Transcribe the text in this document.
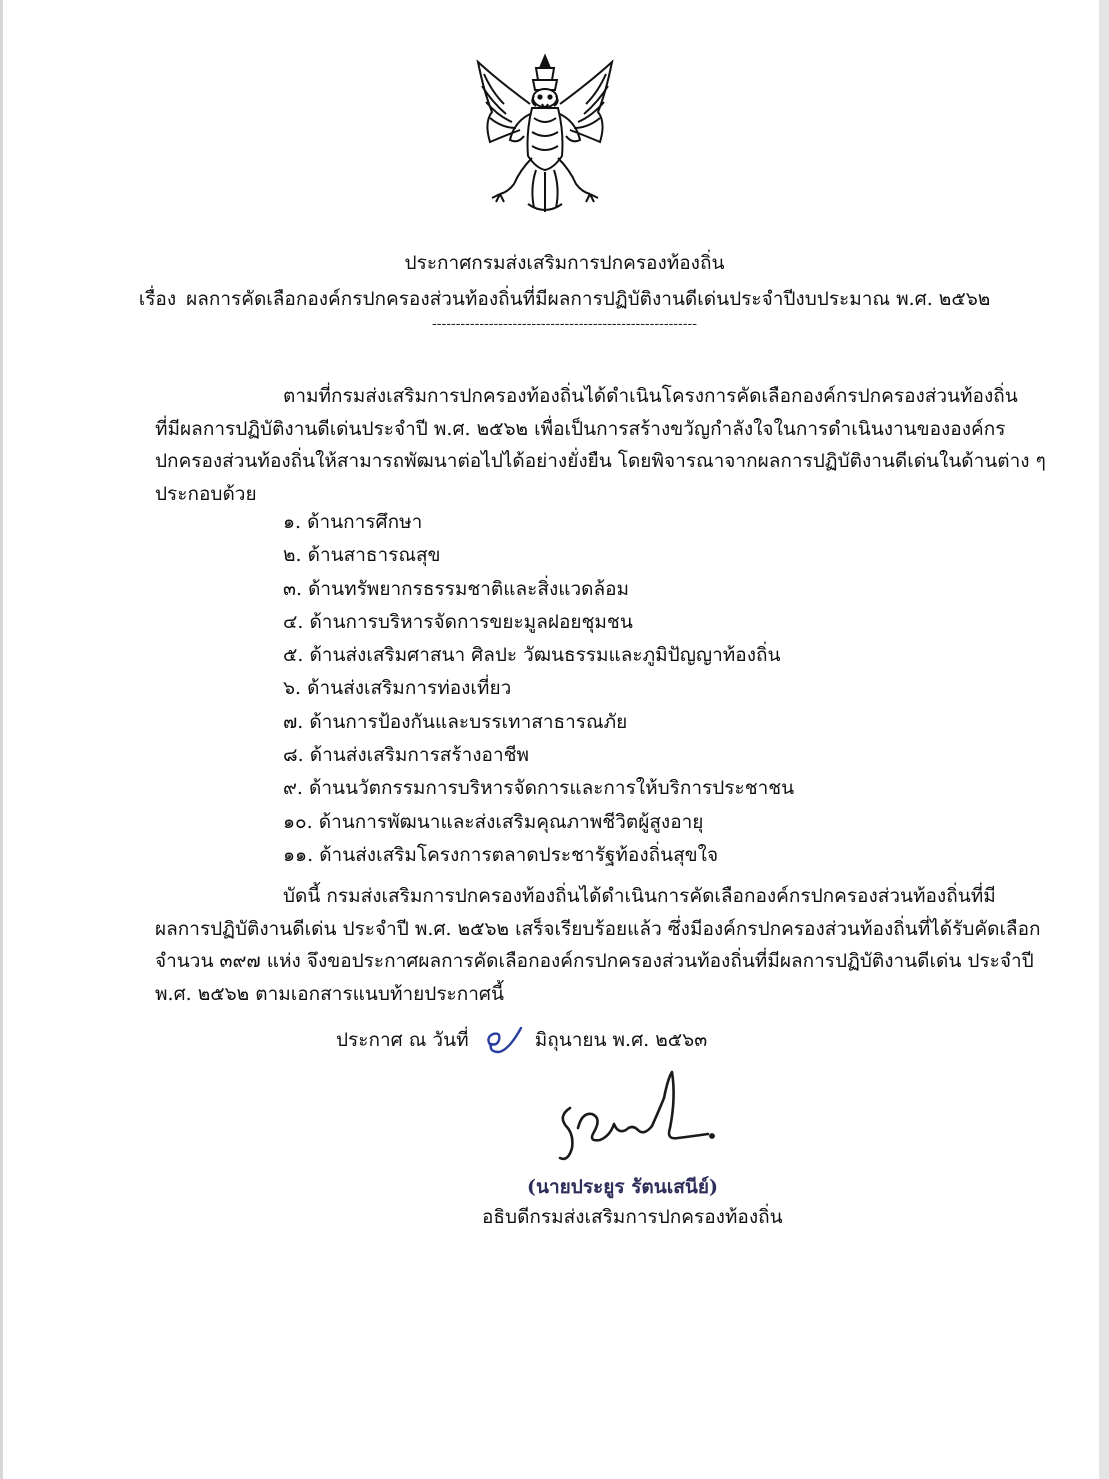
ประกาศกรมส่งเสริมการปกครองท้องถิ่น
เรื่อง ผลการคัดเลือกองค์กรปกครองส่วนท้องถิ่นที่มีผลการปฏิบัติงานดีเด่นประจำปีงบประมาณ พ.ศ. ๒๕๖๒
--------------------------------------------------------
ตามที่กรมส่งเสริมการปกครองท้องถิ่นได้ดำเนินโครงการคัดเลือกองค์กรปกครองส่วนท้องถิ่น
ที่มีผลการปฏิบัติงานดีเด่นประจำปี พ.ศ. ๒๕๖๒ เพื่อเป็นการสร้างขวัญกำลังใจในการดำเนินงานขององค์กร
ปกครองส่วนท้องถิ่นให้สามารถพัฒนาต่อไปได้อย่างยั่งยืน โดยพิจารณาจากผลการปฏิบัติงานดีเด่นในด้านต่าง ๆ
ประกอบด้วย
๑. ด้านการศึกษา
๒. ด้านสาธารณสุข
๓. ด้านทรัพยากรธรรมชาติและสิ่งแวดล้อม
๔. ด้านการบริหารจัดการขยะมูลฝอยชุมชน
๕. ด้านส่งเสริมศาสนา ศิลปะ วัฒนธรรมและภูมิปัญญาท้องถิ่น
๖. ด้านส่งเสริมการท่องเที่ยว
๗. ด้านการป้องกันและบรรเทาสาธารณภัย
๘. ด้านส่งเสริมการสร้างอาชีพ
๙. ด้านนวัตกรรมการบริหารจัดการและการให้บริการประชาชน
๑๐. ด้านการพัฒนาและส่งเสริมคุณภาพชีวิตผู้สูงอายุ
๑๑. ด้านส่งเสริมโครงการตลาดประชารัฐท้องถิ่นสุขใจ
บัดนี้ กรมส่งเสริมการปกครองท้องถิ่นได้ดำเนินการคัดเลือกองค์กรปกครองส่วนท้องถิ่นที่มี
ผลการปฏิบัติงานดีเด่น ประจำปี พ.ศ. ๒๕๖๒ เสร็จเรียบร้อยแล้ว ซึ่งมีองค์กรปกครองส่วนท้องถิ่นที่ได้รับคัดเลือก
จำนวน ๓๙๗ แห่ง จึงขอประกาศผลการคัดเลือกองค์กรปกครองส่วนท้องถิ่นที่มีผลการปฏิบัติงานดีเด่น ประจำปี
พ.ศ. ๒๕๖๒ ตามเอกสารแนบท้ายประกาศนี้
ประกาศ ณ วันที่	มิถุนายน พ.ศ. ๒๕๖๓
(นายประยูร รัตนเสนีย์)
อธิบดีกรมส่งเสริมการปกครองท้องถิ่น
